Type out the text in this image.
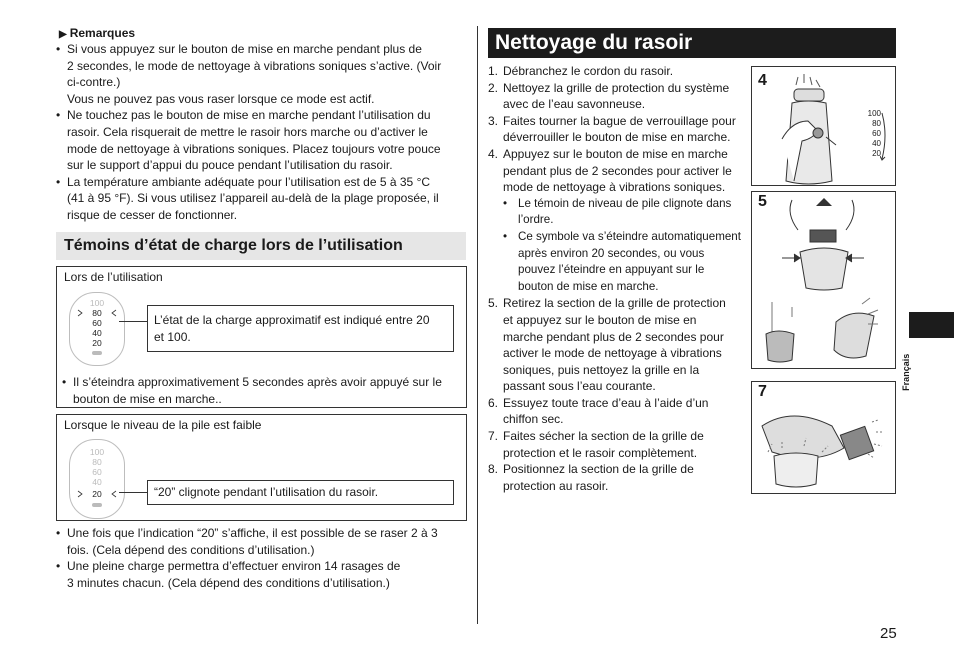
▶ Remarques
• Si vous appuyez sur le bouton de mise en marche pendant plus de
2 secondes, le mode de nettoyage à vibrations soniques s’active. (Voir
ci-contre.)
Vous ne pouvez pas vous raser lorsque ce mode est actif.
• Ne touchez pas le bouton de mise en marche pendant l’utilisation du
rasoir. Cela risquerait de mettre le rasoir hors marche ou d’activer le
mode de nettoyage à vibrations soniques. Placez toujours votre pouce
sur le support d’appui du pouce pendant l’utilisation du rasoir.
• La température ambiante adéquate pour l’utilisation est de 5 à 35 °C
(41 à 95 °F). Si vous utilisez l’appareil au-delà de la plage proposée, il
risque de cesser de fonctionner.
Témoins d’état de charge lors de l’utilisation
Lors de l’utilisation
100
80
60
40
20
L’état de la charge approximatif est indiqué entre 20
et 100.
• Il s’éteindra approximativement 5 secondes après avoir appuyé sur le
bouton de mise en marche..
Lorsque le niveau de la pile est faible
100
80
60
40
20	“20” clignote pendant l’utilisation du rasoir.
• Une fois que l’indication “20” s’affiche, il est possible de se raser 2 à 3
fois. (Cela dépend des conditions d’utilisation.)
• Une pleine charge permettra d’effectuer environ 14 rasages de
3 minutes chacun. (Cela dépend des conditions d’utilisation.)
Nettoyage du rasoir
1. Débranchez le cordon du rasoir.
2. Nettoyez la grille de protection du système
avec de l’eau savonneuse.
3. Faites tourner la bague de verrouillage pour
déverrouiller le bouton de mise en marche.
4. Appuyez sur le bouton de mise en marche
pendant plus de 2 secondes pour activer le
mode de nettoyage à vibrations soniques.
• Le témoin de niveau de pile clignote dans
l’ordre.
• Ce symbole va s’éteindre automatiquement
après environ 20 secondes, ou vous
pouvez l’éteindre en appuyant sur le
bouton de mise en marche.
5. Retirez la section de la grille de protection
et appuyez sur le bouton de mise en
marche pendant plus de 2 secondes pour
activer le mode de nettoyage à vibrations
soniques, puis nettoyez la grille en la
passant sous l’eau courante.
6. Essuyez toute trace d’eau à l’aide d’un
chiffon sec.
7. Faites sécher la section de la grille de
protection et le rasoir complètement.
8. Positionnez la section de la grille de
protection au rasoir.
4
100
80
60
40
20
5
7
Français
25
